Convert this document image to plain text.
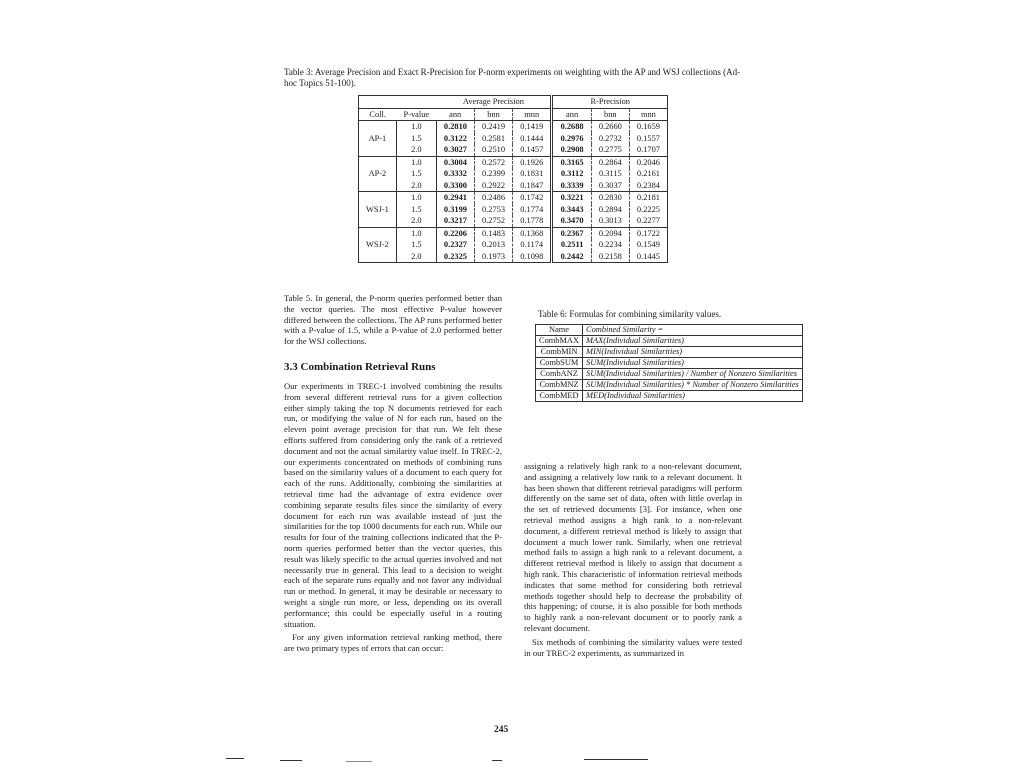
Table 3: Average Precision and Exact R-Precision for P-norm experiments on weighting with the AP and WSJ collections (Ad-hoc Topics 51-100).
		Average Precision			R-Precision		
Coll.	P-value	ann	bnn	mnn	ann	bnn	mnn
AP-1	1.0	0.2810	0.2419	0.1419	0.2688	0.2660	0.1659
	1.5	0.3122	0.2581	0.1444	0.2976	0.2732	0.1557
	2.0	0.3027	0.2510	0.1457	0.2908	0.2775	0.1707
AP-2	1.0	0.3004	0.2572	0.1926	0.3165	0.2864	0.2046
	1.5	0.3332	0.2399	0.1831	0.3112	0.3115	0.2161
	2.0	0.3300	0.2922	0.1847	0.3339	0.3037	0.2384
WSJ-1	1.0	0.2941	0.2486	0.1742	0.3221	0.2830	0.2181
	1.5	0.3199	0.2753	0.1774	0.3443	0.2894	0.2225
	2.0	0.3217	0.2752	0.1778	0.3470	0.3013	0.2277
WSJ-2	1.0	0.2206	0.1483	0.1368	0.2367	0.2094	0.1722
	1.5	0.2327	0.2013	0.1174	0.2511	0.2234	0.1549
	2.0	0.2325	0.1973	0.1098	0.2442	0.2158	0.1445

Table 5. In general, the P-norm queries performed better than the vector queries. The most effective P-value however differed between the collections. The AP runs performed better with a P-value of 1.5, while a P-value of 2.0 performed better for the WSJ collections.

3.3 Combination Retrieval Runs

Our experiments in TREC-1 involved combining the results from several different retrieval runs for a given collection either simply taking the top N documents retrieved for each run, or modifying the value of N for each run, based on the eleven point average precision for that run. We felt these efforts suffered from considering only the rank of a retrieved document and not the actual similarity value itself. In TREC-2, our experiments concentrated on methods of combining runs based on the similarity values of a document to each query for each of the runs. Additionally, combining the similarities at retrieval time had the advantage of extra evidence over combining separate results files since the similarity of every document for each run was available instead of just the similarities for the top 1000 documents for each run. While our results for four of the training collections indicated that the P-norm queries performed better than the vector queries, this result was likely specific to the actual queries involved and not necessarily true in general. This lead to a decision to weight each of the separate runs equally and not favor any individual run or method. In general, it may be desirable or necessary to weight a single run more, or less, depending on its overall performance; this could be especially useful in a routing situation.

For any given information retrieval ranking method, there are two primary types of errors that can occur:

Table 6: Formulas for combining similarity values.
Name	Combined Similarity =
CombMAX	MAX(Individual Similarities)
CombMIN	MIN(Individual Similarities)
CombSUM	SUM(Individual Similarities)
CombANZ	SUM(Individual Similarities) / Number of Nonzero Similarities
CombMNZ	SUM(Individual Similarities) * Number of Nonzero Similarities
CombMED	MED(Individual Similarities)

assigning a relatively high rank to a non-relevant document, and assigning a relatively low rank to a relevant document. It has been shown that different retrieval paradigms will perform differently on the same set of data, often with little overlap in the set of retrieved documents [3]. For instance, when one retrieval method assigns a high rank to a non-relevant document, a different retrieval method is likely to assign that document a much lower rank. Similarly, when one retrieval method fails to assign a high rank to a relevant document, a different retrieval method is likely to assign that document a high rank. This characteristic of information retrieval methods indicates that some method for considering both retrieval methods together should help to decrease the probability of this happening; of course, it is also possible for both methods to highly rank a non-relevant document or to poorly rank a relevant document.

Six methods of combining the similarity values were tested in our TREC-2 experiments, as summarized in

245
